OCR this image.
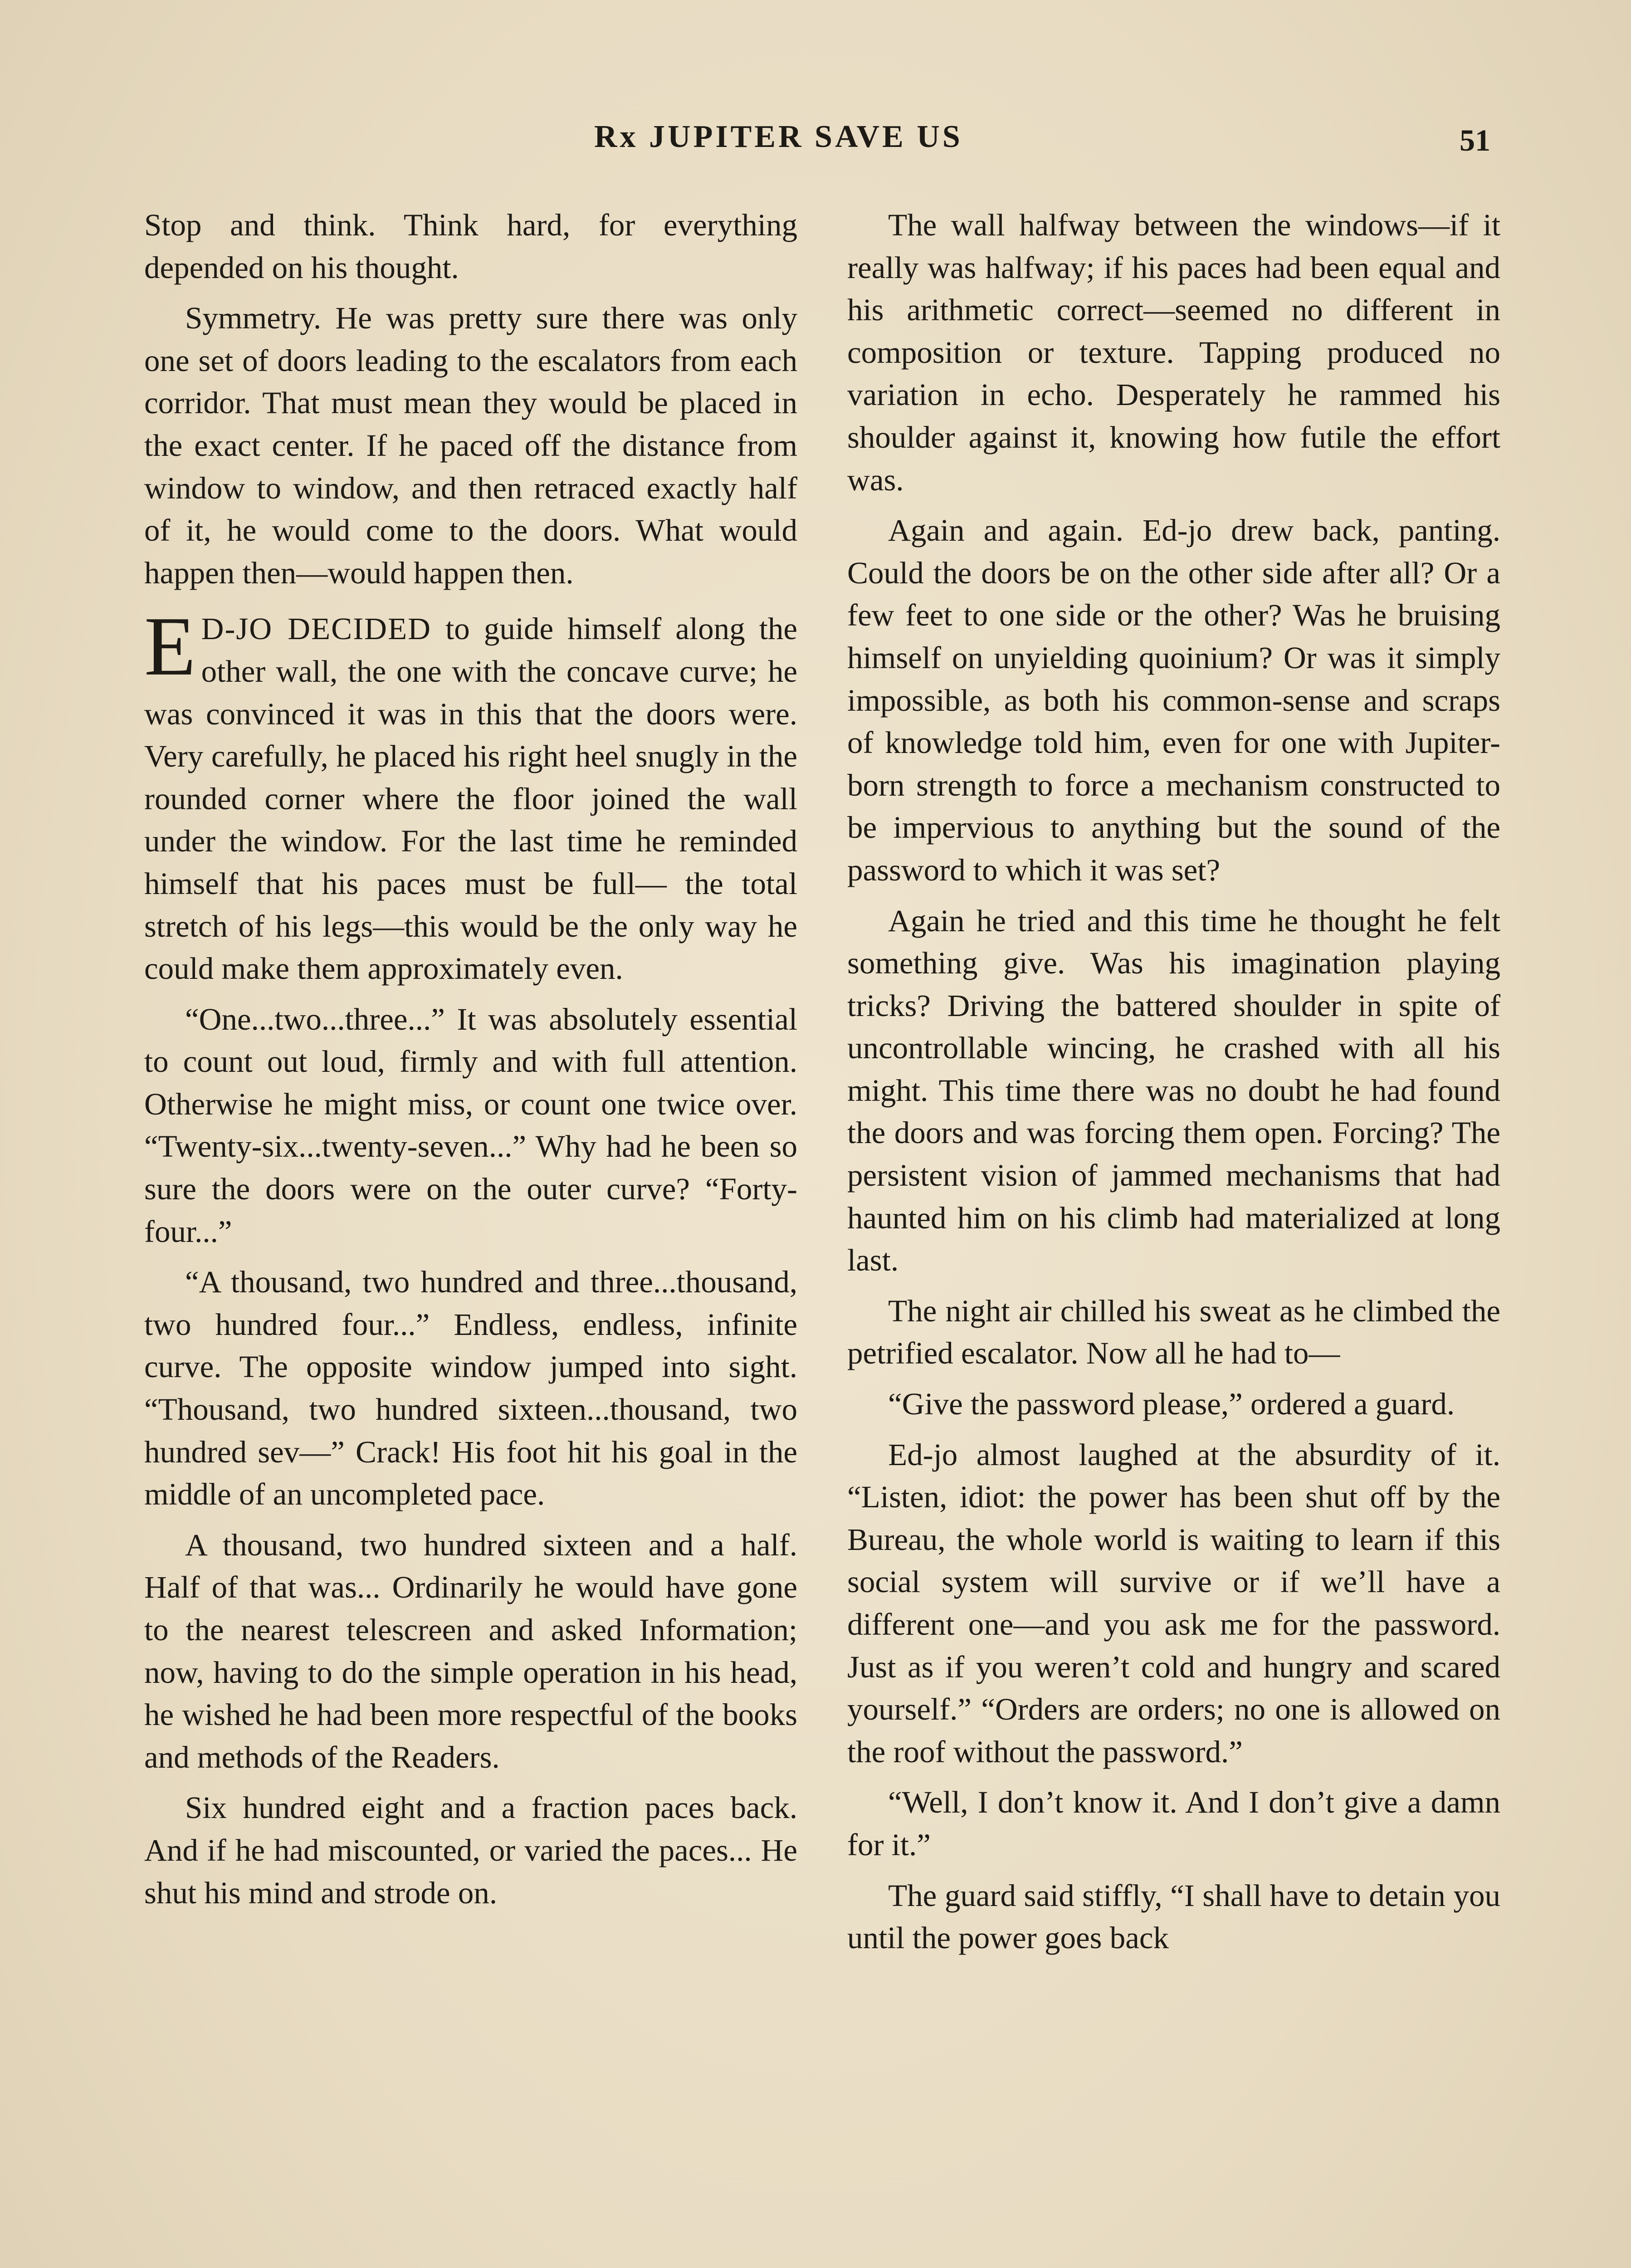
Rx JUPITER SAVE US	51

Stop and think. Think hard, for everything depended on his thought.

Symmetry. He was pretty sure there was only one set of doors leading to the escalators from each corridor. That must mean they would be placed in the exact center. If he paced off the distance from window to window, and then retraced exactly half of it, he would come to the doors. What would happen then—would happen then.

E D-JO DECIDED to guide himself along the other wall, the one with the concave curve; he was convinced it was in this that the doors were. Very carefully, he placed his right heel snugly in the rounded corner where the floor joined the wall under the window. For the last time he reminded himself that his paces must be full— the total stretch of his legs—this would be the only way he could make them approximately even.

“One...two...three...” It was absolutely essential to count out loud, firmly and with full attention. Otherwise he might miss, or count one twice over. “Twenty-six...twenty-seven...” Why had he been so sure the doors were on the outer curve? “Forty-four...”

“A thousand, two hundred and three...thousand, two hundred four...” Endless, endless, infinite curve. The opposite window jumped into sight. “Thousand, two hundred sixteen...thousand, two hundred sev—” Crack! His foot hit his goal in the middle of an uncompleted pace.

A thousand, two hundred sixteen and a half. Half of that was... Ordinarily he would have gone to the nearest telescreen and asked Information; now, having to do the simple operation in his head, he wished he had been more respectful of the books and methods of the Readers.

Six hundred eight and a fraction paces back. And if he had miscounted, or varied the paces... He shut his mind and strode on.

The wall halfway between the windows—if it really was halfway; if his paces had been equal and his arithmetic correct—seemed no different in composition or texture. Tapping produced no variation in echo. Desperately he rammed his shoulder against it, knowing how futile the effort was.

Again and again. Ed-jo drew back, panting. Could the doors be on the other side after all? Or a few feet to one side or the other? Was he bruising himself on unyielding quoinium? Or was it simply impossible, as both his common-sense and scraps of knowledge told him, even for one with Jupiter-born strength to force a mechanism constructed to be impervious to anything but the sound of the password to which it was set?

Again he tried and this time he thought he felt something give. Was his imagination playing tricks? Driving the battered shoulder in spite of uncontrollable wincing, he crashed with all his might. This time there was no doubt he had found the doors and was forcing them open. Forcing? The persistent vision of jammed mechanisms that had haunted him on his climb had materialized at long last.

The night air chilled his sweat as he climbed the petrified escalator. Now all he had to—

“Give the password please,” ordered a guard.

Ed-jo almost laughed at the absurdity of it. “Listen, idiot: the power has been shut off by the Bureau, the whole world is waiting to learn if this social system will survive or if we’ll have a different one—and you ask me for the password. Just as if you weren’t cold and hungry and scared yourself.” “Orders are orders; no one is allowed on the roof without the password.”

“Well, I don’t know it. And I don’t give a damn for it.”

The guard said stiffly, “I shall have to detain you until the power goes back
